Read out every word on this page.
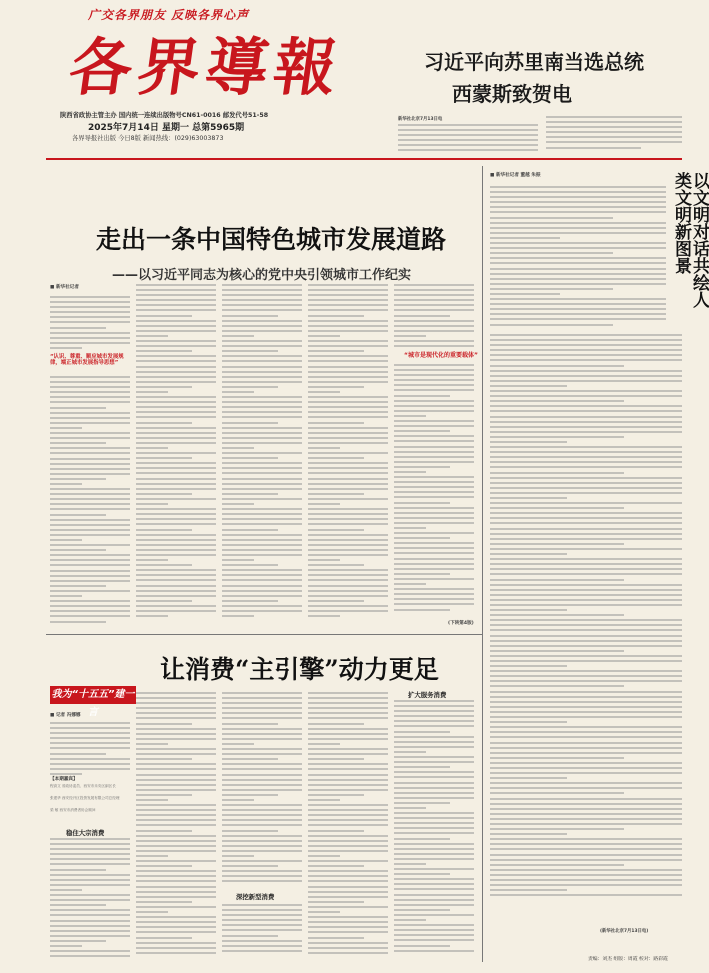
广交各界朋友 反映各界心声
各界導報
陕西省政协主管主办 国内统一连续出版物号CN61-0016 邮发代号51-58
2025年7月14日 星期一 总第5965期
各界导报社出版 今日8版 新闻热线：(029)63003873
习近平向苏里南当选总统
西蒙斯致贺电
新华社北京7月13日电
走出一条中国特色城市发展道路
——以习近平同志为核心的党中央引领城市工作纪实
■ 新华社记者
“认识、尊重、顺应城市发展规律，端正城市发展指导思想”
“城市是现代化的重要载体”
(下转第4版)
■ 新华社记者 董越 朱振	以文明对话共绘人类文明新图景
(新华社北京7月13日电)
让消费“主引擎”动力更足
我为“十五五”建一言
■ 记者 冯娜娜
【本期嘉宾】
程高文 省政协委员、西安市未央区副区长
张建华 西安经开区投资发展有限公司总经理
梁 敏 西安市消费者协会顾问
稳住大宗消费
深挖新型消费
扩大服务消费
责编：刘杰 组版：周霞 校对：路彩霞
